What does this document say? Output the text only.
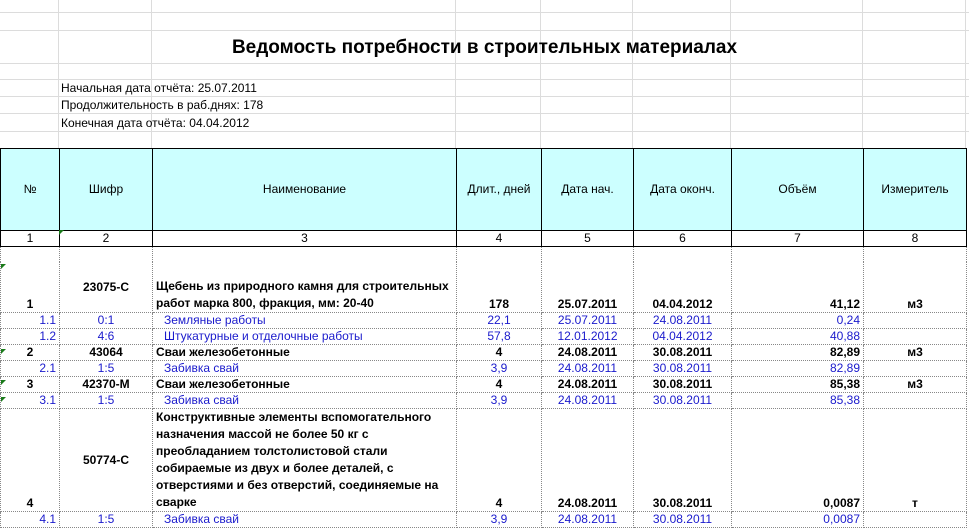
Ведомость потребности в строительных материалах
Начальная дата отчёта: 25.07.2011
Продолжительность в раб.днях: 178
Конечная дата отчёта: 04.04.2012
№	Шифр	Наименование	Длит., дней	Дата нач.	Дата оконч.	Объём	Измеритель
1	2	3	4	5	6	7	8

1	23075-С	Щебень из природного камня для строительных работ марка 800, фракция, мм: 20-40	178	25.07.2011	04.04.2012	41,12	м3
1.1	0:1	Земляные работы	22,1	25.07.2011	24.08.2011	0,24	
1.2	4:6	Штукатурные и отделочные работы	57,8	12.01.2012	04.04.2012	40,88	
2	43064	Сваи железобетонные	4	24.08.2011	30.08.2011	82,89	м3
2.1	1:5	Забивка свай	3,9	24.08.2011	30.08.2011	82,89	
3	42370-М	Сваи железобетонные	4	24.08.2011	30.08.2011	85,38	м3
3.1	1:5	Забивка свай	3,9	24.08.2011	30.08.2011	85,38	
4	50774-С	Конструктивные элементы вспомогательного назначения массой не более 50 кг с преобладанием толстолистовой стали собираемые из двух и более деталей, с отверстиями и без отверстий, соединяемые на сварке	4	24.08.2011	30.08.2011	0,0087	т
4.1	1:5	Забивка свай	3,9	24.08.2011	30.08.2011	0,0087	
